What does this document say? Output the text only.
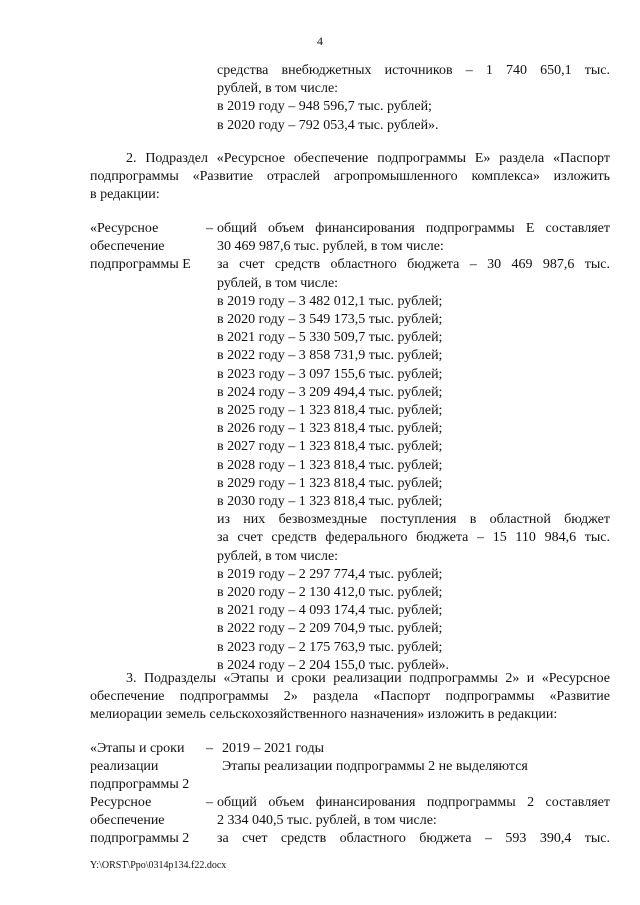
4
средства внебюджетных источников – 1 740 650,1 тыс.
рублей, в том числе:
в 2019 году – 948 596,7 тыс. рублей;
в 2020 году – 792 053,4 тыс. рублей».
2. Подраздел «Ресурсное обеспечение подпрограммы Е» раздела «Паспорт
подпрограммы «Развитие отраслей агропромышленного комплекса» изложить
в редакции:
«Ресурсное
обеспечение
подпрограммы Е
– общий объем финансирования подпрограммы Е составляет
30 469 987,6 тыс. рублей, в том числе:
за счет средств областного бюджета – 30 469 987,6 тыс.
рублей, в том числе:
в 2019 году – 3 482 012,1 тыс. рублей;
в 2020 году – 3 549 173,5 тыс. рублей;
в 2021 году – 5 330 509,7 тыс. рублей;
в 2022 году – 3 858 731,9 тыс. рублей;
в 2023 году – 3 097 155,6 тыс. рублей;
в 2024 году – 3 209 494,4 тыс. рублей;
в 2025 году – 1 323 818,4 тыс. рублей;
в 2026 году – 1 323 818,4 тыс. рублей;
в 2027 году – 1 323 818,4 тыс. рублей;
в 2028 году – 1 323 818,4 тыс. рублей;
в 2029 году – 1 323 818,4 тыс. рублей;
в 2030 году – 1 323 818,4 тыс. рублей;
из них безвозмездные поступления в областной бюджет
за счет средств федерального бюджета – 15 110 984,6 тыс.
рублей, в том числе:
в 2019 году – 2 297 774,4 тыс. рублей;
в 2020 году – 2 130 412,0 тыс. рублей;
в 2021 году – 4 093 174,4 тыс. рублей;
в 2022 году – 2 209 704,9 тыс. рублей;
в 2023 году – 2 175 763,9 тыс. рублей;
в 2024 году – 2 204 155,0 тыс. рублей».
3. Подразделы «Этапы и сроки реализации подпрограммы 2» и «Ресурсное
обеспечение подпрограммы 2» раздела «Паспорт подпрограммы «Развитие
мелиорации земель сельскохозяйственного назначения» изложить в редакции:
«Этапы и сроки
реализации
подпрограммы 2
– 2019 – 2021 годы
Этапы реализации подпрограммы 2 не выделяются
Ресурсное
обеспечение
подпрограммы 2
– общий объем финансирования подпрограммы 2 составляет
2 334 040,5 тыс. рублей, в том числе:
за счет средств областного бюджета – 593 390,4 тыс.
Y:\ORST\Ppo\0314p134.f22.docx
